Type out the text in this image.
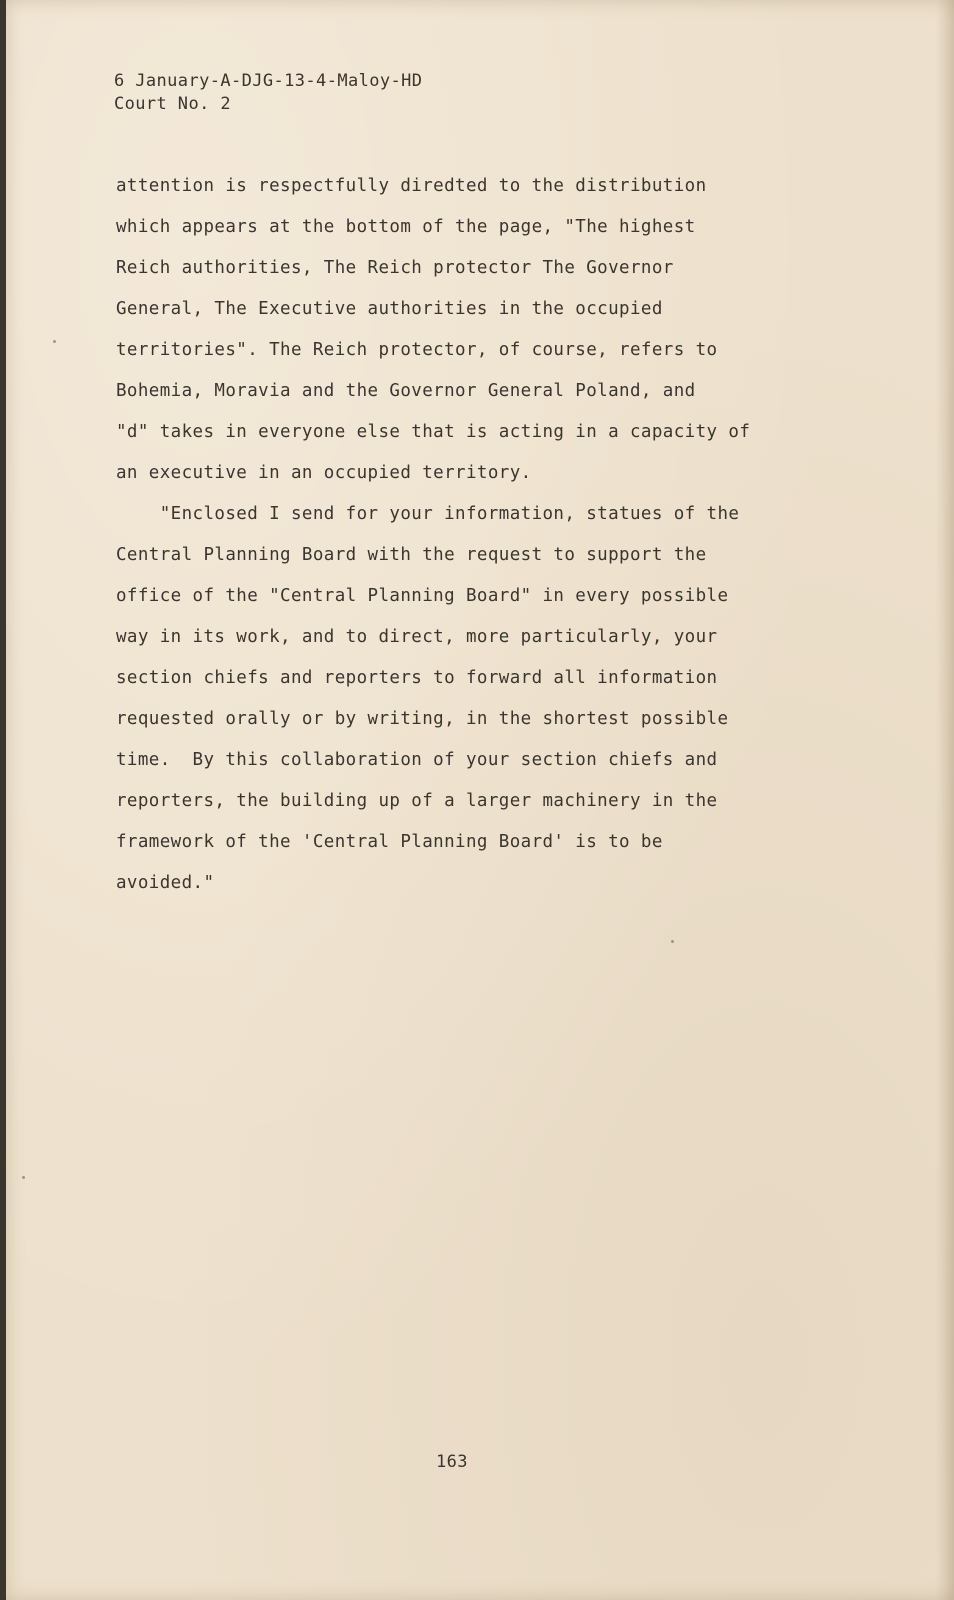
6 January-A-DJG-13-4-Maloy-HD
Court No. 2
attention is respectfully diredted to the distribution
which appears at the bottom of the page, "The highest
Reich authorities, The Reich protector The Governor
General, The Executive authorities in the occupied
territories". The Reich protector, of course, refers to
Bohemia, Moravia and the Governor General Poland, and
"d" takes in everyone else that is acting in a capacity of
an executive in an occupied territory.
"Enclosed I send for your information, statues of the
Central Planning Board with the request to support the
office of the "Central Planning Board" in every possible
way in its work, and to direct, more particularly, your
section chiefs and reporters to forward all information
requested orally or by writing, in the shortest possible
time.  By this collaboration of your section chiefs and
reporters, the building up of a larger machinery in the
framework of the 'Central Planning Board' is to be
avoided."
163
